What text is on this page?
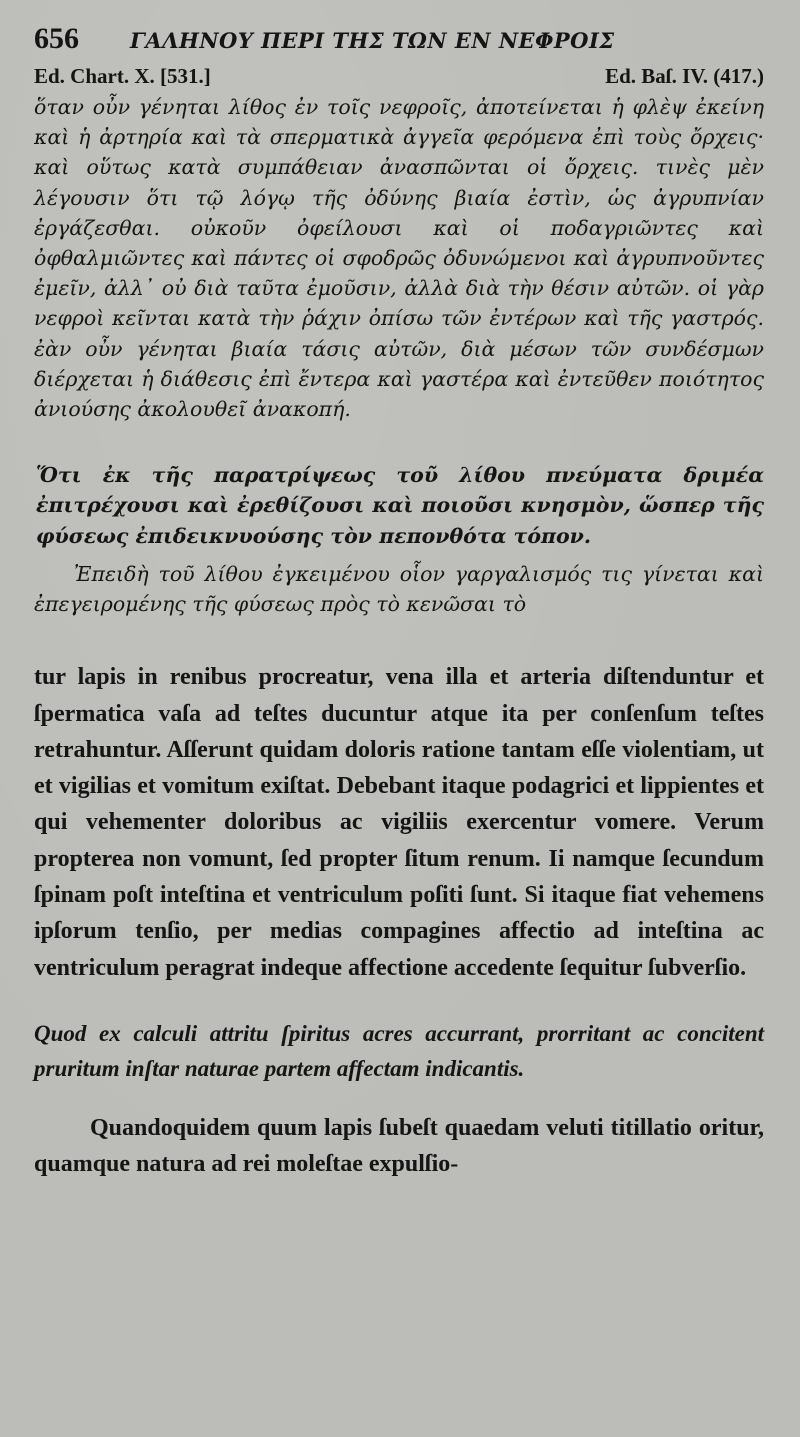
656	ΓΑΛΗΝΟΥ ΠΕΡΙ ΤΗΣ ΤΩΝ ΕΝ ΝΕΦΡΟΙΣ
Ed. Chart. X. [531.]	Ed. Baſ. IV. (417.)

ὅταν οὖν γένηται λίθος ἐν τοῖς νεφροῖς, ἀποτείνεται ἡ φλὲψ ἐκείνη καὶ ἡ ἀρτηρία καὶ τὰ σπερματικὰ ἀγγεῖα φερόμενα ἐπὶ τοὺς ὄρχεις· καὶ οὕτως κατὰ συμπάθειαν ἀνασπῶνται οἱ ὄρχεις. τινὲς μὲν λέγουσιν ὅτι τῷ λόγῳ τῆς ὀδύνης βιαία ἐστὶν, ὡς ἀγρυπνίαν ἐργάζεσθαι. οὐκοῦν ὀφείλουσι καὶ οἱ ποδαγριῶντες καὶ ὀφθαλμιῶντες καὶ πάντες οἱ σφοδρῶς ὀδυνώμενοι καὶ ἀγρυπνοῦντες ἐμεῖν, ἀλλ᾽ οὐ διὰ ταῦτα ἐμοῦσιν, ἀλλὰ διὰ τὴν θέσιν αὐτῶν. οἱ γὰρ νεφροὶ κεῖνται κατὰ τὴν ῥάχιν ὀπίσω τῶν ἐντέρων καὶ τῆς γαστρός. ἐὰν οὖν γένηται βιαία τάσις αὐτῶν, διὰ μέσων τῶν συνδέσμων διέρχεται ἡ διάθεσις ἐπὶ ἔντερα καὶ γαστέρα καὶ ἐντεῦθεν ποιότητος ἀνιούσης ἀκολουθεῖ ἀνακοπή.

Ὅτι ἐκ τῆς παρατρίψεως τοῦ λίθου πνεύματα δριμέα ἐπιτρέχουσι καὶ ἐρεθίζουσι καὶ ποιοῦσι κνησμὸν, ὥσπερ τῆς φύσεως ἐπιδεικνυούσης τὸν πεπονθότα τόπον.

Ἐπειδὴ τοῦ λίθου ἐγκειμένου οἷον γαργαλισμός τις γίνεται καὶ ἐπεγειρομένης τῆς φύσεως πρὸς τὸ κενῶσαι τὸ

tur lapis in renibus procreatur, vena illa et arteria diſtenduntur et ſpermatica vaſa ad teſtes ducuntur atque ita per conſenſum teſtes retrahuntur. Aſſerunt quidam doloris ratione tantam eſſe violentiam, ut et vigilias et vomitum exiſtat. Debebant itaque podagrici et lippientes et qui vehementer doloribus ac vigiliis exercentur vomere. Verum propterea non vomunt, ſed propter ſitum renum. Ii namque ſecundum ſpinam poſt inteſtina et ventriculum poſiti ſunt. Si itaque fiat vehemens ipſorum tenſio, per medias compagines affectio ad inteſtina ac ventriculum peragrat indeque affectione accedente ſequitur ſubverſio.

Quod ex calculi attritu ſpiritus acres accurrant, prorritant ac concitent pruritum inſtar naturae partem affectam indicantis.

Quandoquidem quum lapis ſubeſt quaedam veluti titillatio oritur, quamque natura ad rei moleſtae expulſio-
